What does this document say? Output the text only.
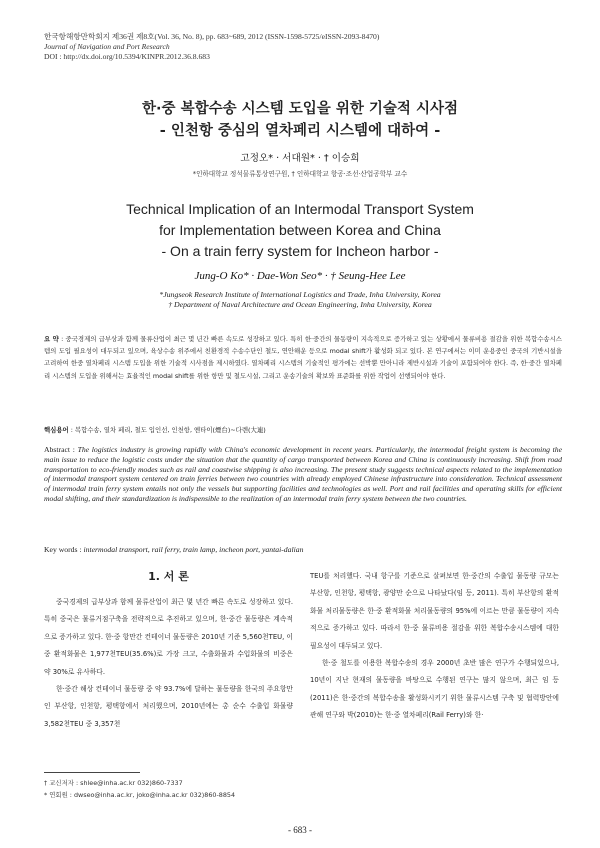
한국항해항만학회지 제36권 제8호(Vol. 36, No. 8), pp. 683~689, 2012 (ISSN-1598-5725/eISSN-2093-8470)
Journal of Navigation and Port Research
DOI : http://dx.doi.org/10.5394/KINPR.2012.36.8.683
한·중 복합수송 시스템 도입을 위한 기술적 시사점
- 인천항 중심의 열차페리 시스템에 대하여 -
고정오* · 서대원* · † 이승희
*인하대학교 정석물류통상연구원, † 인하대학교 항공·조선·산업공학부 교수
Technical Implication of an Intermodal Transport System
for Implementation between Korea and China
- On a train ferry system for Incheon harbor -
Jung-O Ko* · Dae-Won Seo* · † Seung-Hee Lee
*Jungseok Research Institute of International Logistics and Trade, Inha University, Korea
† Department of Naval Architecture and Ocean Engineering, Inha University, Korea
요 약 : 중국경제의 급부상과 함께 물류산업이 최근 몇 년간 빠른 속도로 성장하고 있다. 특히 한·중간의 물동량이 지속적으로 증가하고 있는 상황에서 물류비용 절감을 위한 복합수송시스템의 도입 필요성이 대두되고 있으며, 육상수송 위주에서 친환경적 수송수단인 철도, 연안해운 등으로 modal shift가 활성화 되고 있다. 본 연구에서는 이미 운용중인 중국의 기반시설을 고려하여 한중 열차페리 시스템 도입을 위한 기술적 시사점을 제시하였다. 열차페리 시스템의 기술적인 평가에는 선박뿐 만아니라 제반시설과 기술이 포함되어야 한다. 즉, 한·중간 열차페리 시스템의 도입을 위해서는 효율적인 modal shift를 위한 항만 및 철도시설, 그리고 운송기술의 확보와 표준화를 위한 작업이 선행되어야 한다.
핵심용어 : 복합수송, 열차 페리, 철도 입인선, 인천항, 옌타이(煙台)~다롄(大連)
Abstract : The logistics industry is growing rapidly with China's economic development in recent years. Particularly, the intermodal freight system is becoming the main issue to reduce the logistic costs under the situation that the quantity of cargo transported between Korea and China is continuously increasing. Shift from road transportation to eco-friendly modes such as rail and coastwise shipping is also increasing. The present study suggests technical aspects related to the implementation of intermodal transport system centered on train ferries between two countries with already employed Chinese infrastructure into consideration. Technical assessment of intermodal train ferry system entails not only the vessels but supporting facilities and technologies as well. Port and rail facilities and operating skills for efficient modal shifting, and their standardization is indispensible to the realization of an intermodal train ferry system between the two countries.
Key words : intermodal transport, rail ferry, train lamp, incheon port, yantai-dalian
1. 서 론

중국경제의 급부상과 함께 물류산업이 최근 몇 년간 빠른 속도로 성장하고 있다. 특히 중국은 물류거점구축을 전략적으로 추진하고 있으며, 한·중간 물동량은 계속적으로 증가하고 있다. 한·중 항만간 컨테이너 물동량은 2010년 기준 5,560천TEU, 이중 환적화물은 1,977천TEU(35.6%)로 가장 크고, 수출화물과 수입화물의 비중은 약 30%로 유사하다.

한·중간 해상 컨테이너 물동량 중 약 93.7%에 달하는 물동량을 한국의 주요항만인 부산항, 인천항, 평택항에서 처리했으며, 2010년에는 총 순수 수출입 화물량 3,582천TEU 중 3,357천

TEU를 처리했다. 국내 항구를 기준으로 살펴보면 한·중간의 수출입 물동량 규모는 부산항, 인천항, 평택항, 광양만 순으로 나타났다(임 등, 2011). 특히 부산항의 환적화물 처리물동량은 한·중 환적화물 처리물동량의 95%에 이르는 만큼 물동량이 지속적으로 증가하고 있다. 따라서 한·중 물류비용 절감을 위한 복합수송시스템에 대한 필요성이 대두되고 있다.

한·중 철도를 이용한 복합수송의 경우 2000년 초반 많은 연구가 수행되었으나, 10년이 지난 현재의 물동량을 바탕으로 수행된 연구는 많지 않으며, 최근 임 등(2011)은 한·중간의 복합수송을 활성화시키기 위한 물류시스템 구축 및 협력방안에 관해 연구와 박(2010)는 한·중 열차페리(Rail Ferry)와 한·

† 교신저자 : shlee@inha.ac.kr 032)860-7337
* 연회원 : dwseo@inha.ac.kr, joko@inha.ac.kr 032)860-8854
- 683 -
